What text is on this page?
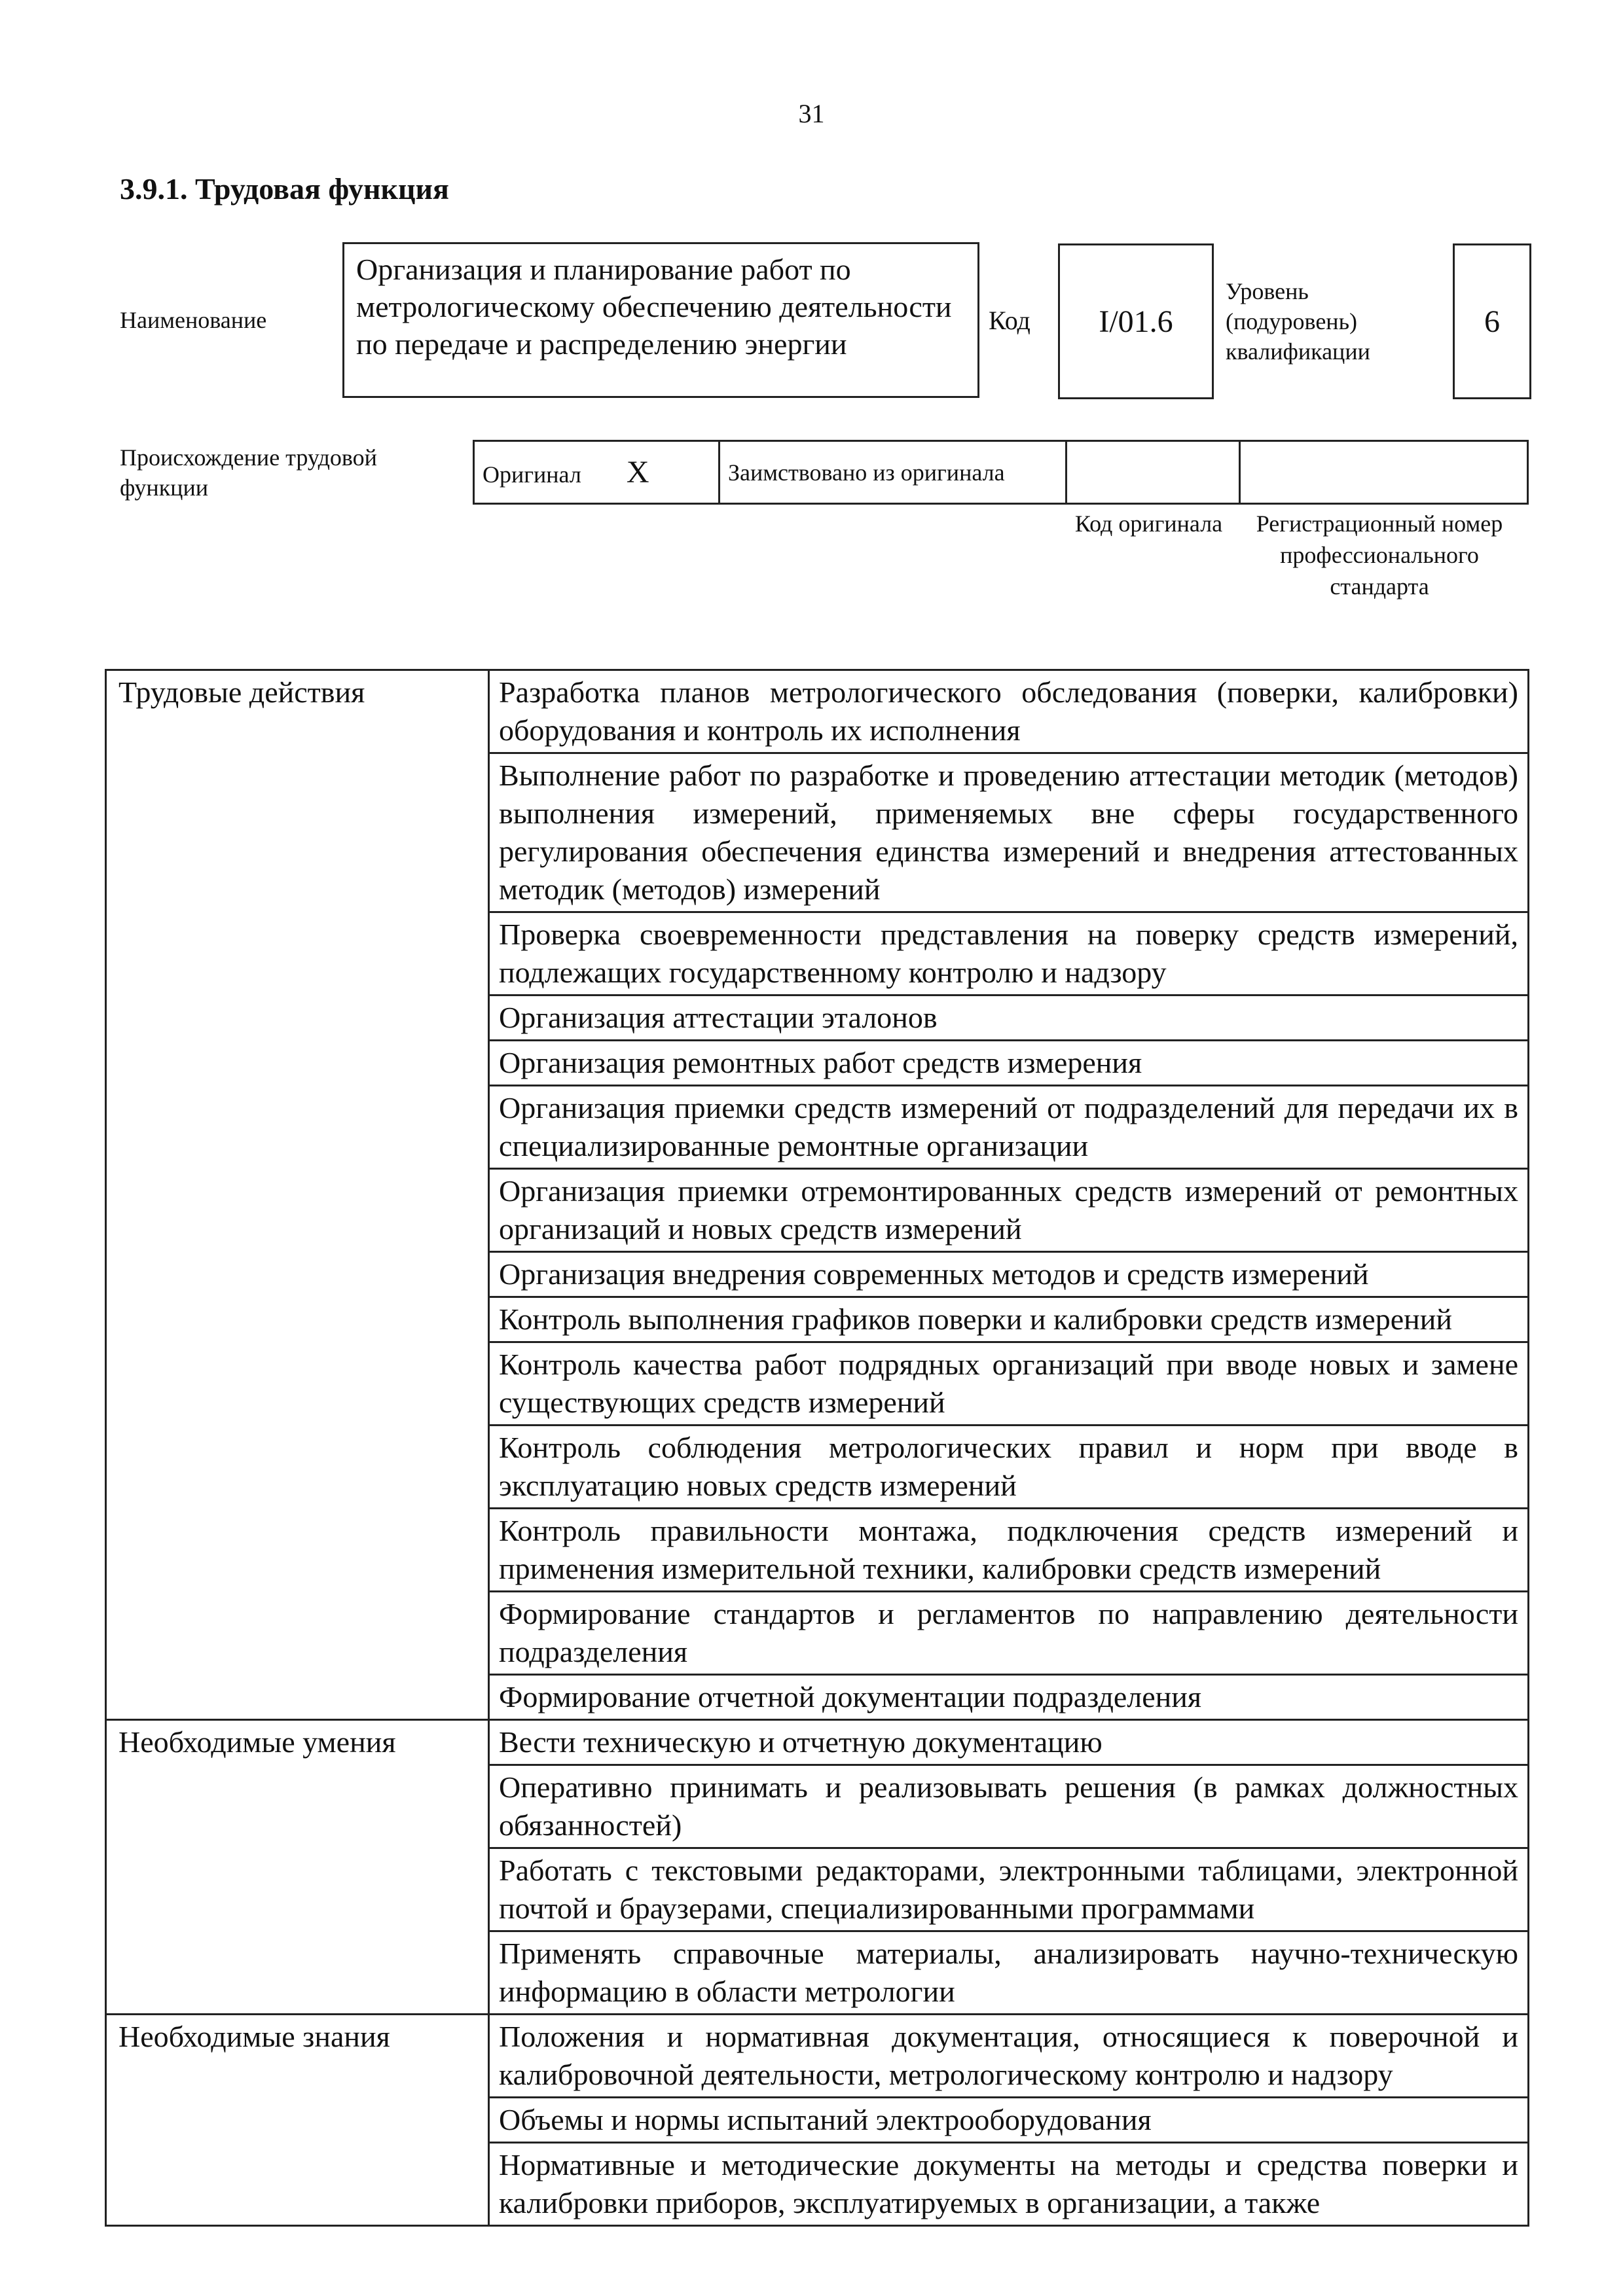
31
3.9.1. Трудовая функция
Наименование
Организация и планирование работ по метрологическому обеспечению деятельности по передаче и распределению энергии
Код I/01.6
Уровень (подуровень) квалификации
6
Происхождение трудовой функции	Оригинал X	Заимствовано из оригинала		
Код оригинала	Регистрационный номер профессионального стандарта
Трудовые действия	Разработка планов метрологического обследования (поверки, калибровки) оборудования и контроль их исполнения
	Выполнение работ по разработке и проведению аттестации методик (методов) выполнения измерений, применяемых вне сферы государственного регулирования обеспечения единства измерений и внедрения аттестованных методик (методов) измерений
	Проверка своевременности представления на поверку средств измерений, подлежащих государственному контролю и надзору
	Организация аттестации эталонов
	Организация ремонтных работ средств измерения
	Организация приемки средств измерений от подразделений для передачи их в специализированные ремонтные организации
	Организация приемки отремонтированных средств измерений от ремонтных организаций и новых средств измерений
	Организация внедрения современных методов и средств измерений
	Контроль выполнения графиков поверки и калибровки средств измерений
	Контроль качества работ подрядных организаций при вводе новых и замене существующих средств измерений
	Контроль соблюдения метрологических правил и норм при вводе в эксплуатацию новых средств измерений
	Контроль правильности монтажа, подключения средств измерений и применения измерительной техники, калибровки средств измерений
	Формирование стандартов и регламентов по направлению деятельности подразделения
	Формирование отчетной документации подразделения
Необходимые умения	Вести техническую и отчетную документацию
	Оперативно принимать и реализовывать решения (в рамках должностных обязанностей)
	Работать с текстовыми редакторами, электронными таблицами, электронной почтой и браузерами, специализированными программами
	Применять справочные материалы, анализировать научно-техническую информацию в области метрологии
Необходимые знания	Положения и нормативная документация, относящиеся к поверочной и калибровочной деятельности, метрологическому контролю и надзору
	Объемы и нормы испытаний электрооборудования
	Нормативные и методические документы на методы и средства поверки и калибровки приборов, эксплуатируемых в организации, а также
